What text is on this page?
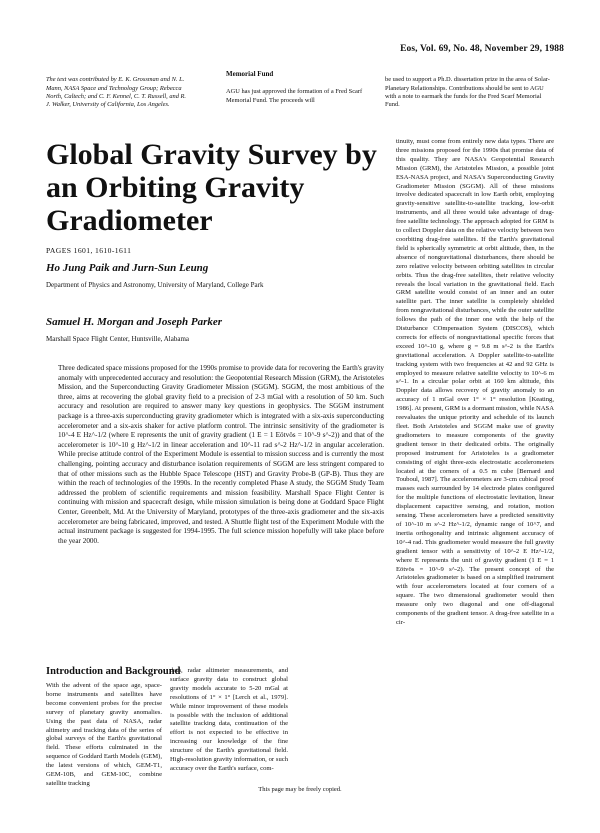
Eos, Vol. 69, No. 48, November 29, 1988

The text was contributed by E. K. Grossman and N. L. Mann, NASA Space and Technology Group; Rebecca North, Caltech; and C. F. Kennel, C. T. Russell, and R. J. Walker, University of California, Los Angeles.

Memorial Fund
AGU has just approved the formation of a Fred Scarf Memorial Fund. The proceeds will

be used to support a Ph.D. dissertation prize in the area of Solar-Planetary Relationships. Contributions should be sent to AGU with a note to earmark the funds for the Fred Scarf Memorial Fund.

Global Gravity Survey by an Orbiting Gravity Gradiometer
PAGES 1601, 1610-1611
Ho Jung Paik and Jurn-Sun Leung
Department of Physics and Astronomy, University of Maryland, College Park
Samuel H. Morgan and Joseph Parker
Marshall Space Flight Center, Huntsville, Alabama

Three dedicated space missions proposed for the 1990s promise to provide data for recovering the Earth's gravity anomaly with unprecedented accuracy and resolution: the Geopotential Research Mission (GRM), the Aristoteles Mission, and the Superconducting Gravity Gradiometer Mission (SGGM). SGGM, the most ambitious of the three, aims at recovering the global gravity field to a precision of 2-3 mGal with a resolution of 50 km. Such accuracy and resolution are required to answer many key questions in geophysics. The SGGM instrument package is a three-axis superconducting gravity gradiometer which is integrated with a six-axis superconducting accelerometer and a six-axis shaker for active platform control. The intrinsic sensitivity of the gradiometer is 10^-4 E Hz^-1/2 (where E represents the unit of gravity gradient (1 E = 1 Eötvös = 10^-9 s^-2)) and that of the accelerometer is 10^-10 g Hz^-1/2 in linear acceleration and 10^-11 rad s^-2 Hz^-1/2 in angular acceleration. While precise attitude control of the Experiment Module is essential to mission success and is currently the most challenging, pointing accuracy and disturbance isolation requirements of SGGM are less stringent compared to that of other missions such as the Hubble Space Telescope (HST) and Gravity Probe-B (GP-B). Thus they are within the reach of technologies of the 1990s. In the recently completed Phase A study, the SGGM Study Team addressed the problem of scientific requirements and mission feasibility. Marshall Space Flight Center is continuing with mission and spacecraft design, while mission simulation is being done at Goddard Space Flight Center, Greenbelt, Md. At the University of Maryland, prototypes of the three-axis gradiometer and the six-axis accelerometer are being fabricated, improved, and tested. A Shuttle flight test of the Experiment Module with the actual instrument package is suggested for 1994-1995. The full science mission hopefully will take place before the year 2000.

Introduction and Background

With the advent of the space age, space-borne instruments and satellites have become convenient probes for the precise survey of planetary gravity anomalies. Using the past data of NASA, radar altimetry and tracking data of the series of global surveys of the Earth's gravitational field. These efforts culminated in the sequence of Goddard Earth Models (GEM), the latest versions of which, GEM-T1, GEM-10B, and GEM-10C, combine satellite tracking

data, radar altimeter measurements, and surface gravity data to construct global gravity models accurate to 5-20 mGal at resolutions of 1° × 1° [Lerch et al., 1979]. While minor improvement of these models is possible with the inclusion of additional satellite tracking data, continuation of the effort is not expected to be effective in increasing our knowledge of the fine structure of the Earth's gravitational field. High-resolution gravity information, or such accuracy over the Earth's surface, com-

tinuity, must come from entirely new data types. There are three missions proposed for the 1990s that promise data of this quality. They are NASA's Geopotential Research Mission (GRM), the Aristoteles Mission, a possible joint ESA-NASA project, and NASA's Superconducting Gravity Gradiometer Mission (SGGM). All of these missions involve dedicated spacecraft in low Earth orbit, employing gravity-sensitive satellite-to-satellite tracking, low-orbit instruments, and all three would take advantage of drag-free satellite technology. The approach adopted for GRM is to collect Doppler data on the relative velocity between two coorbiting drag-free satellites. If the Earth's gravitational field is spherically symmetric at orbit altitude, then, in the absence of nongravitational disturbances, there should be zero relative velocity between orbiting satellites in circular orbits. Thus the drag-free satellites, their relative velocity reveals the local variation in the gravitational field. Each GRM satellite would consist of an inner and an outer satellite part. The inner satellite is completely shielded from nongravitational disturbances, while the outer satellite follows the path of the inner one with the help of the Disturbance COmpensation System (DISCOS), which corrects for effects of nongravitational specific forces that exceed 10^-10 g, where g = 9.8 m s^-2 is the Earth's gravitational acceleration. A Doppler satellite-to-satellite tracking system with two frequencies at 42 and 92 GHz is employed to measure relative satellite velocity to 10^-6 m s^-1. In a circular polar orbit at 160 km altitude, this Doppler data allows recovery of gravity anomaly to an accuracy of 1 mGal over 1° × 1° resolution [Keating, 1986]. At present, GRM is a dormant mission, while NASA reevaluates the unique priority and schedule of its launch fleet. Both Aristoteles and SGGM make use of gravity gradiometers to measure components of the gravity gradient tensor in their dedicated orbits. The originally proposed instrument for Aristoteles is a gradiometer consisting of eight three-axis electrostatic accelerometers located at the corners of a 0.5 m cube [Bernard and Touboul, 1987]. The accelerometers are 3-cm cubical proof masses each surrounded by 14 electrode plates configured for the multiple functions of electrostatic levitation, linear displacement capacitive sensing, and rotation, motion sensing. These accelerometers have a predicted sensitivity of 10^-10 m s^-2 Hz^-1/2, dynamic range of 10^7, and inertia orthogonality and intrinsic alignment accuracy of 10^-4 rad. This gradiometer would measure the full gravity gradient tensor with a sensitivity of 10^-2 E Hz^-1/2, where E represents the unit of gravity gradient (1 E = 1 Eötvös = 10^-9 s^-2). The present concept of the Aristoteles gradiometer is based on a simplified instrument with four accelerometers located at four corners of a square. The two dimensional gradiometer would then measure only two diagonal and one off-diagonal components of the gradient tensor. A drag-free satellite in a cir-

This page may be freely copied.
